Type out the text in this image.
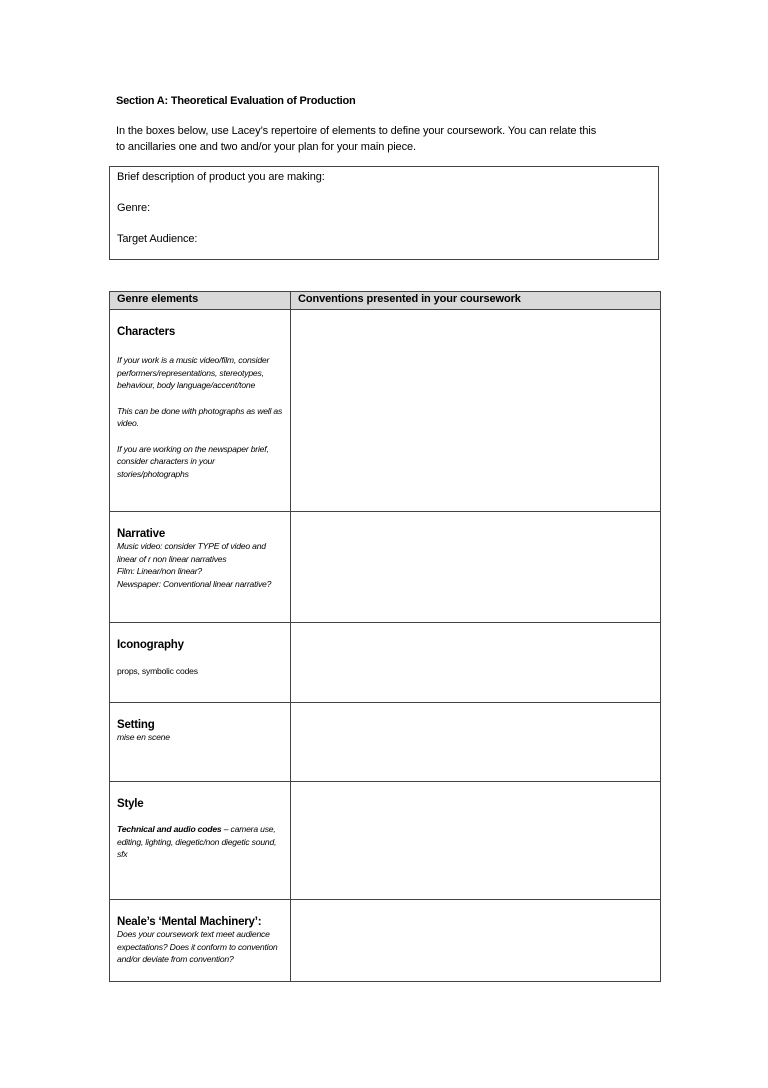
Section A: Theoretical Evaluation of Production
In the boxes below, use Lacey’s repertoire of elements to define your coursework. You can relate this
to ancillaries one and two and/or your plan for your main piece.
Brief description of product you are making:
Genre:
Target Audience:
Genre elements	Conventions presented in your coursework

Characters
If your work is a music video/film, consider performers/representations, stereotypes, behaviour, body language/accent/tone
This can be done with photographs as well as video.
If you are working on the newspaper brief, consider characters in your stories/photographs	

Narrative
Music video: consider TYPE of video and linear of r non linear narratives
Film: Linear/non linear?
Newspaper: Conventional linear narrative?	

Iconography
props, symbolic codes	

Setting
mise en scene	

Style
Technical and audio codes – camera use, editing, lighting, diegetic/non diegetic sound, sfx	

Neale’s ‘Mental Machinery’:
Does your coursework text meet audience expectations? Does it conform to convention and/or deviate from convention?	
